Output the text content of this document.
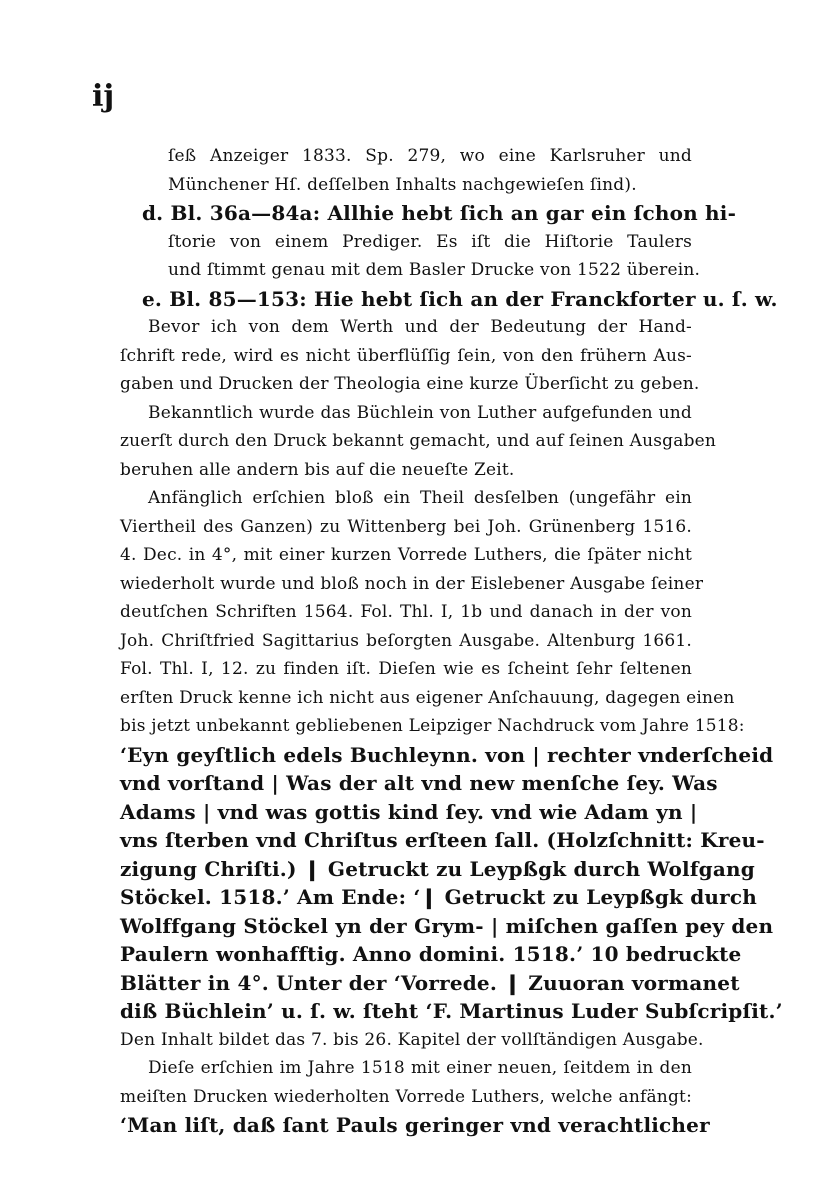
ij
ſeß Anzeiger 1833. Sp. 279, wo eine Karlsruher und
Münchener Hſ. deſſelben Inhalts nachgewieſen ſind).
d. Bl. 36a—84a: Allhie hebt ſich an gar ein ſchon hi-
ſtorie von einem Prediger. Es iſt die Hiſtorie Taulers
und ſtimmt genau mit dem Basler Drucke von 1522 überein.
e. Bl. 85—153: Hie hebt ſich an der Franckforter u. ſ. w.
Bevor ich von dem Werth und der Bedeutung der Hand-
ſchrift rede, wird es nicht überflüſſig ſein, von den frühern Aus-
gaben und Drucken der Theologia eine kurze Überſicht zu geben.
Bekanntlich wurde das Büchlein von Luther aufgefunden und
zuerſt durch den Druck bekannt gemacht, und auf ſeinen Ausgaben
beruhen alle andern bis auf die neueſte Zeit.
Anfänglich erſchien bloß ein Theil desſelben (ungefähr ein
Viertheil des Ganzen) zu Wittenberg bei Joh. Grünenberg 1516.
4. Dec. in 4°, mit einer kurzen Vorrede Luthers, die ſpäter nicht
wiederholt wurde und bloß noch in der Eislebener Ausgabe ſeiner
deutſchen Schriften 1564. Fol. Thl. I, 1b und danach in der von
Joh. Chriſtfried Sagittarius beſorgten Ausgabe. Altenburg 1661.
Fol. Thl. I, 12. zu finden iſt. Dieſen wie es ſcheint ſehr ſeltenen
erſten Druck kenne ich nicht aus eigener Anſchauung, dagegen einen
bis jetzt unbekannt gebliebenen Leipziger Nachdruck vom Jahre 1518:
‘Eyn geyſtlich edels Buchleynn. von | rechter vnderſcheid
vnd vorſtand | Was der alt vnd new menſche ſey. Was
Adams | vnd was gottis kind ſey. vnd wie Adam yn |
vns ſterben vnd Chriſtus erſteen ſall. (Holzſchnitt: Kreu-
zigung Chriſti.) ❙ Getruckt zu Leypßgk durch Wolfgang
Stöckel. 1518.’ Am Ende: ‘❙ Getruckt zu Leypßgk durch
Wolffgang Stöckel yn der Grym- | miſchen gaſſen pey den
Paulern wonhafftig. Anno domini. 1518.’ 10 bedruckte
Blätter in 4°. Unter der ‘Vorrede. ❙ Zuuoran vormanet
diß Büchlein’ u. ſ. w. ſteht ‘F. Martinus Luder Subſcripſit.’
Den Inhalt bildet das 7. bis 26. Kapitel der vollſtändigen Ausgabe.
Dieſe erſchien im Jahre 1518 mit einer neuen, ſeitdem in den
meiſten Drucken wiederholten Vorrede Luthers, welche anfängt:
‘Man liſt, daß ſant Pauls geringer vnd verachtlicher
